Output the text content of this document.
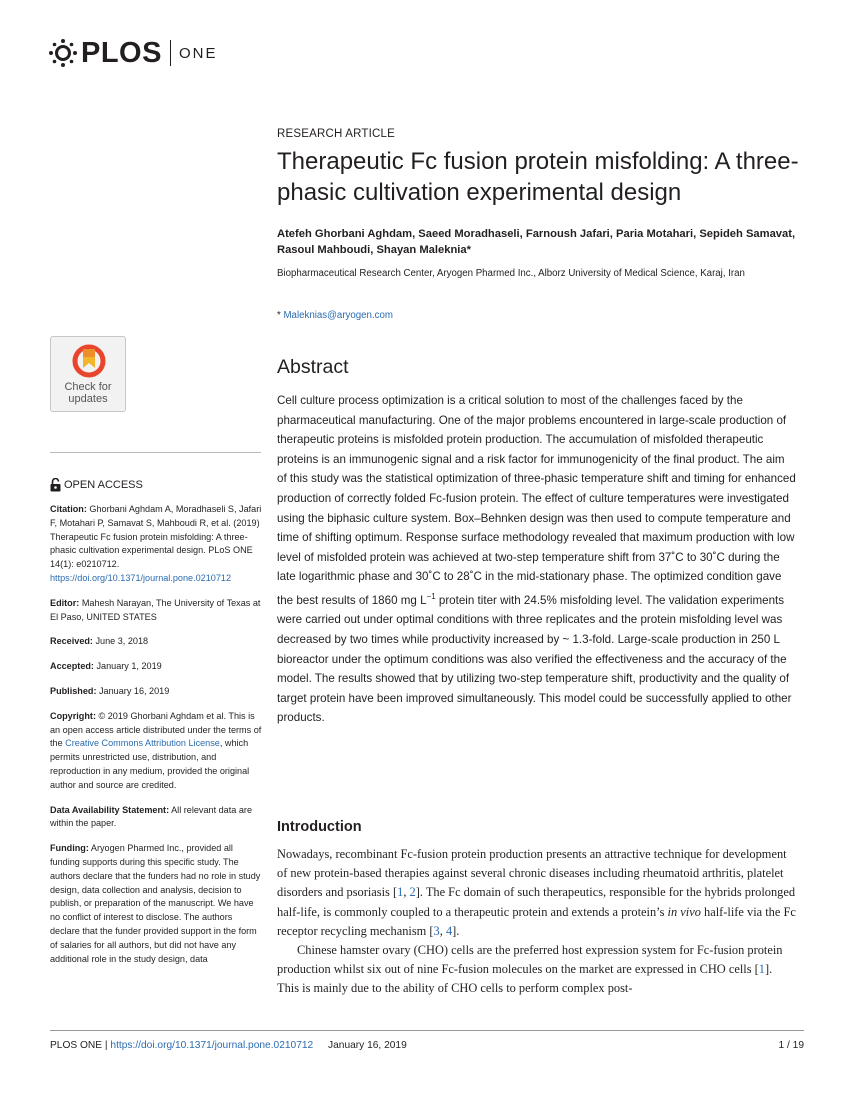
PLOS ONE
RESEARCH ARTICLE
Therapeutic Fc fusion protein misfolding: A three-phasic cultivation experimental design
Atefeh Ghorbani Aghdam, Saeed Moradhaseli, Farnoush Jafari, Paria Motahari, Sepideh Samavat, Rasoul Mahboudi, Shayan Maleknia*
Biopharmaceutical Research Center, Aryogen Pharmed Inc., Alborz University of Medical Science, Karaj, Iran
* Maleknias@aryogen.com
Abstract
Cell culture process optimization is a critical solution to most of the challenges faced by the pharmaceutical manufacturing. One of the major problems encountered in large-scale production of therapeutic proteins is misfolded protein production. The accumulation of misfolded therapeutic proteins is an immunogenic signal and a risk factor for immunogenicity of the final product. The aim of this study was the statistical optimization of three-phasic temperature shift and timing for enhanced production of correctly folded Fc-fusion protein. The effect of culture temperatures were investigated using the biphasic culture system. Box–Behnken design was then used to compute temperature and time of shifting optimum. Response surface methodology revealed that maximum production with low level of misfolded protein was achieved at two-step temperature shift from 37˚C to 30˚C during the late logarithmic phase and 30˚C to 28˚C in the mid-stationary phase. The optimized condition gave the best results of 1860 mg $L^{-1}$ protein titer with 24.5% misfolding level. The validation experiments were carried out under optimal conditions with three replicates and the protein misfolding level was decreased by two times while productivity increased by ~ 1.3-fold. Large-scale production in 250 L bioreactor under the optimum conditions was also verified the effectiveness and the accuracy of the model. The results showed that by utilizing two-step temperature shift, productivity and the quality of target protein have been improved simultaneously. This model could be successfully applied to other products.
Introduction

Nowadays, recombinant Fc-fusion protein production presents an attractive technique for development of new protein-based therapies against several chronic diseases including rheumatoid arthritis, platelet disorders and psoriasis [1, 2]. The Fc domain of such therapeutics, responsible for the hybrids prolonged half-life, is commonly coupled to a therapeutic protein and extends a protein’s in vivo half-life via the Fc receptor recycling mechanism [3, 4].

Chinese hamster ovary (CHO) cells are the preferred host expression system for Fc-fusion protein production whilst six out of nine Fc-fusion molecules on the market are expressed in CHO cells [1]. This is mainly due to the ability of CHO cells to perform complex post-

Check for
updates
OPEN ACCESS
Citation: Ghorbani Aghdam A, Moradhaseli S, Jafari F, Motahari P, Samavat S, Mahboudi R, et al. (2019) Therapeutic Fc fusion protein misfolding: A three-phasic cultivation experimental design. PLoS ONE 14(1): e0210712. https://doi.org/10.1371/journal.pone.0210712
Editor: Mahesh Narayan, The University of Texas at El Paso, UNITED STATES
Received: June 3, 2018
Accepted: January 1, 2019
Published: January 16, 2019
Copyright: © 2019 Ghorbani Aghdam et al. This is an open access article distributed under the terms of the Creative Commons Attribution License, which permits unrestricted use, distribution, and reproduction in any medium, provided the original author and source are credited.
Data Availability Statement: All relevant data are within the paper.
Funding: Aryogen Pharmed Inc., provided all funding supports during this specific study. The authors declare that the funders had no role in study design, data collection and analysis, decision to publish, or preparation of the manuscript. We have no conflict of interest to disclose. The authors declare that the funder provided support in the form of salaries for all authors, but did not have any additional role in the study design, data
PLOS ONE | https://doi.org/10.1371/journal.pone.0210712 January 16, 2019	1 / 19
